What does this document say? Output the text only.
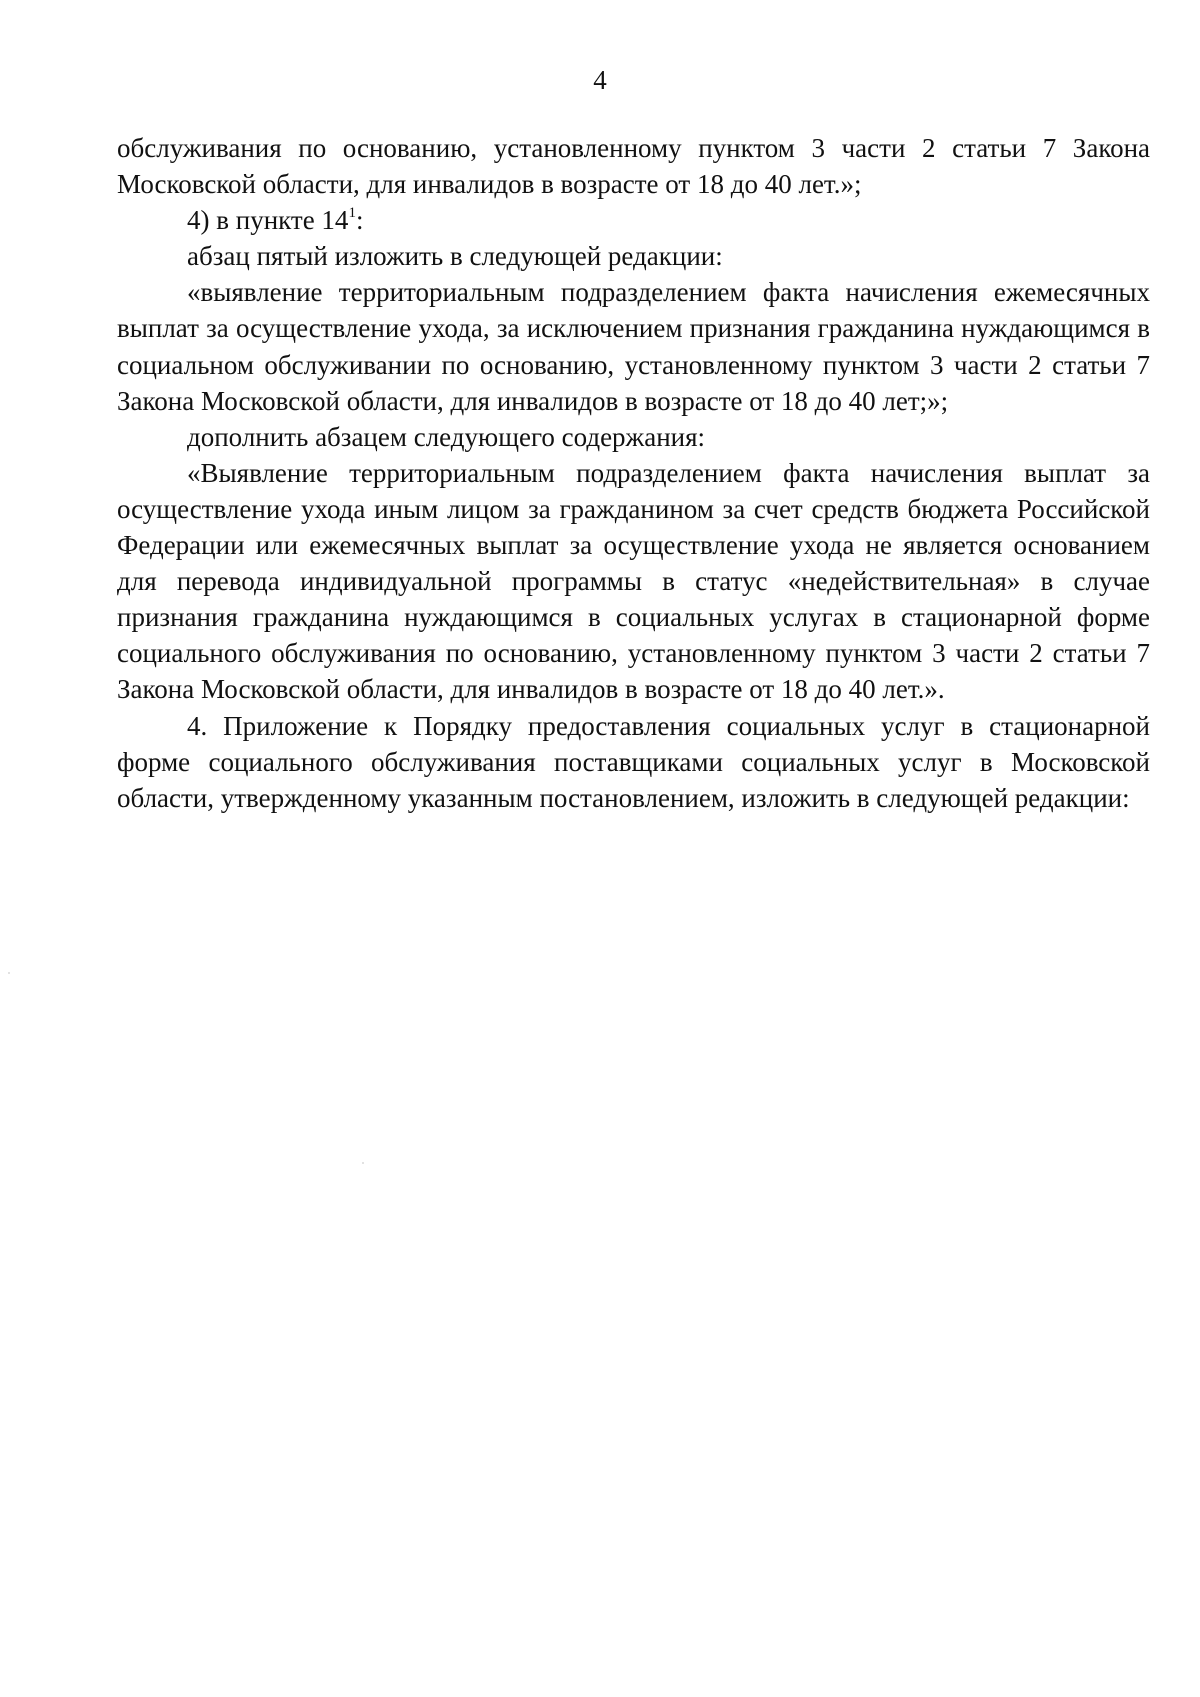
4

обслуживания по основанию, установленному пунктом 3 части 2 статьи 7 Закона Московской области, для инвалидов в возрасте от 18 до 40 лет.»;

4) в пункте $14^1$:

абзац пятый изложить в следующей редакции:

«выявление территориальным подразделением факта начисления ежемесячных выплат за осуществление ухода, за исключением признания гражданина нуждающимся в социальном обслуживании по основанию, установленному пунктом 3 части 2 статьи 7 Закона Московской области, для инвалидов в возрасте от 18 до 40 лет;»;

дополнить абзацем следующего содержания:

«Выявление территориальным подразделением факта начисления выплат за осуществление ухода иным лицом за гражданином за счет средств бюджета Российской Федерации или ежемесячных выплат за осуществление ухода не является основанием для перевода индивидуальной программы в статус «недействительная» в случае признания гражданина нуждающимся в социальных услугах в стационарной форме социального обслуживания по основанию, установленному пунктом 3 части 2 статьи 7 Закона Московской области, для инвалидов в возрасте от 18 до 40 лет.».

4. Приложение к Порядку предоставления социальных услуг в стационарной форме социального обслуживания поставщиками социальных услуг в Московской области, утвержденному указанным постановлением, изложить в следующей редакции:
